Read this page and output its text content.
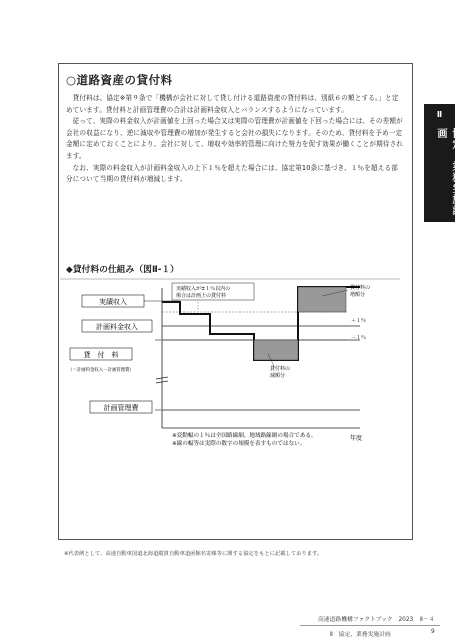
○道路資産の貸付料

貸付料は、協定※第９条で「機構が会社に対して貸し付ける道路資産の貸付料は、別紙６の額とする。」と定めています。貸付料と計画管理費の合計は計画料金収入とバランスするようになっています。

従って、実際の料金収入が計画値を上回った場合又は実際の管理費が計画値を下回った場合には、その差額が会社の収益になり、逆に減収や管理費の増加が発生すると会社の損失になります。そのため、貸付料を予め一定金額に定めておくことにより、会社に対して、増収や効率的管理に向けた努力を促す効果が働くことが期待されます。

なお、実際の料金収入が計画料金収入の上下１％を超えた場合には、協定第10条に基づき、１％を超える部分について当期の貸付料が増減します。

◆貸付料の仕組み（図Ⅱ-１）
実績収入
計画料金収入
貸　付　料
（＝計画料金収入－計画管理費）
計画管理費
実績収入が±１％以内の
場合は計画上の貸付料
貸付料の
増額分
貸付料の
減額分
＋１％
－１％
年度
※変動幅の１％は全国路線網、地域路線網の場合である。
※線の幅等は実際の数字の規模を表すものではない。
Ⅱ
協定、業務実施計画
※代表例として、高速自動車国道北海道縦貫自動車道函館名寄線等に関する協定をもとに記載しております。
高速道路機構ファクトブック　2023 Ⅱ－４
Ⅱ　協定、業務実施計画	9
